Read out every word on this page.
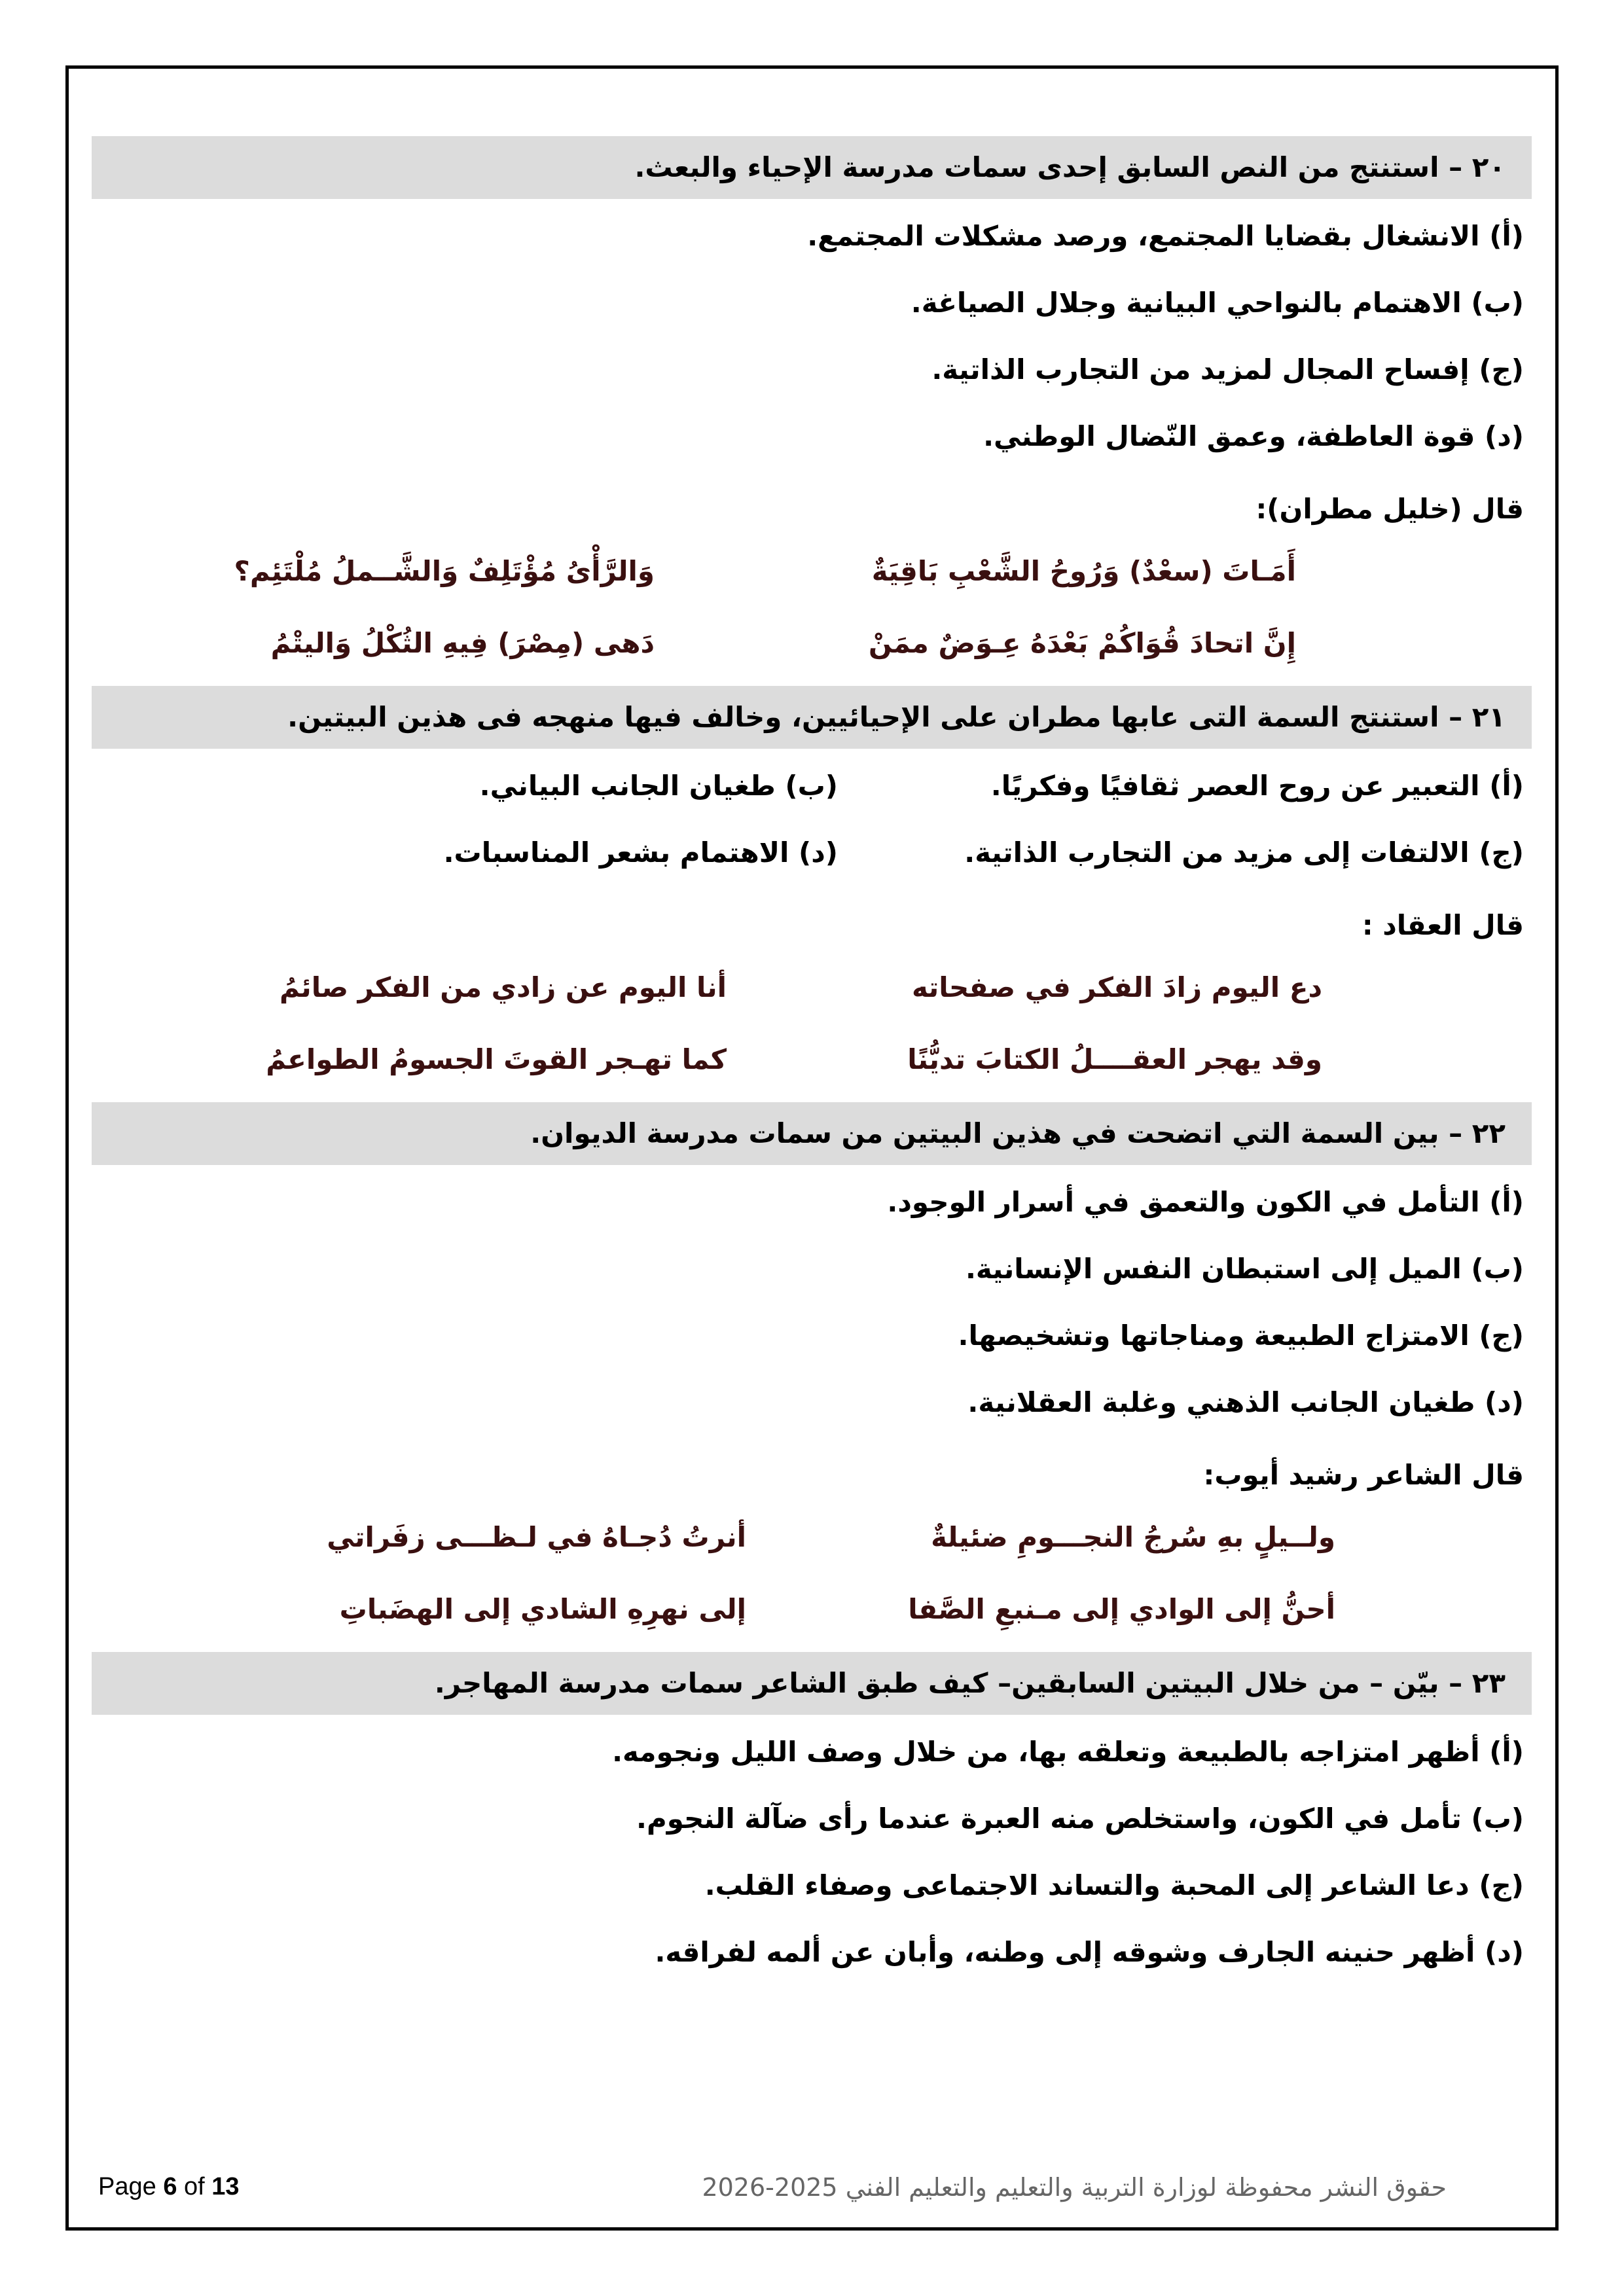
٢٠ – استنتج من النص السابق إحدى سمات مدرسة الإحياء والبعث.
(أ) الانشغال بقضايا المجتمع، ورصد مشكلات المجتمع.
(ب) الاهتمام بالنواحي البيانية وجلال الصياغة.
(ج) إفساح المجال لمزيد من التجارب الذاتية.
(د) قوة العاطفة، وعمق النّضال الوطني.
قال (خليل مطران):
أَمَـاتَ (سعْدٌ) وَرُوحُ الشَّعْبِ بَاقِيَةٌ
وَالرَّأْىُ مُؤْتَلِفٌ وَالشَّــملُ مُلْتَئِم؟
إِنَّ اتحادَ قُوَاكُمْ بَعْدَهُ عِـوَضٌ ممَنْ
دَهى (مِصْرَ) فِيهِ الثُكْلُ وَاليتْمُ
٢١ – استنتج السمة التى عابها مطران على الإحيائيين، وخالف فيها منهجه فى هذين البيتين.
(أ) التعبير عن روح العصر ثقافيًا وفكريًا.
(ب) طغيان الجانب البياني.
(ج) الالتفات إلى مزيد من التجارب الذاتية.
(د) الاهتمام بشعر المناسبات.
قال العقاد :
دع اليوم زادَ الفكر في صفحاته
أنا اليوم عن زادي من الفكر صائمُ
وقد يهجر العقــــلُ الكتابَ تديُّنًا
كما تهـجر القوتَ الجسومُ الطواعمُ
٢٢ – بين السمة التي اتضحت في هذين البيتين من سمات مدرسة الديوان.
(أ) التأمل في الكون والتعمق في أسرار الوجود.
(ب) الميل إلى استبطان النفس الإنسانية.
(ج) الامتزاج الطبيعة ومناجاتها وتشخيصها.
(د) طغيان الجانب الذهني وغلبة العقلانية.
قال الشاعر رشيد أيوب:
ولــيلٍ بهِ سُرجُ النجـــومِ ضئيلةٌ
أنرتُ دُجـاهُ في لـظـــى زفَراتي
أحنُّ إلى الوادي إلى مـنبعِ الصَّفا
إلى نهرِهِ الشادي إلى الهضَباتِ
٢٣ – بيّن – من خلال البيتين السابقين– كيف طبق الشاعر سمات مدرسة المهاجر.
(أ) أظهر امتزاجه بالطبيعة وتعلقه بها، من خلال وصف الليل ونجومه.
(ب) تأمل في الكون، واستخلص منه العبرة عندما رأى ضآلة النجوم.
(ج) دعا الشاعر إلى المحبة والتساند الاجتماعى وصفاء القلب.
(د) أظهر حنينه الجارف وشوقه إلى وطنه، وأبان عن ألمه لفراقه.
Page 6 of 13	حقوق النشر محفوظة لوزارة التربية والتعليم والتعليم الفني 2025-2026
